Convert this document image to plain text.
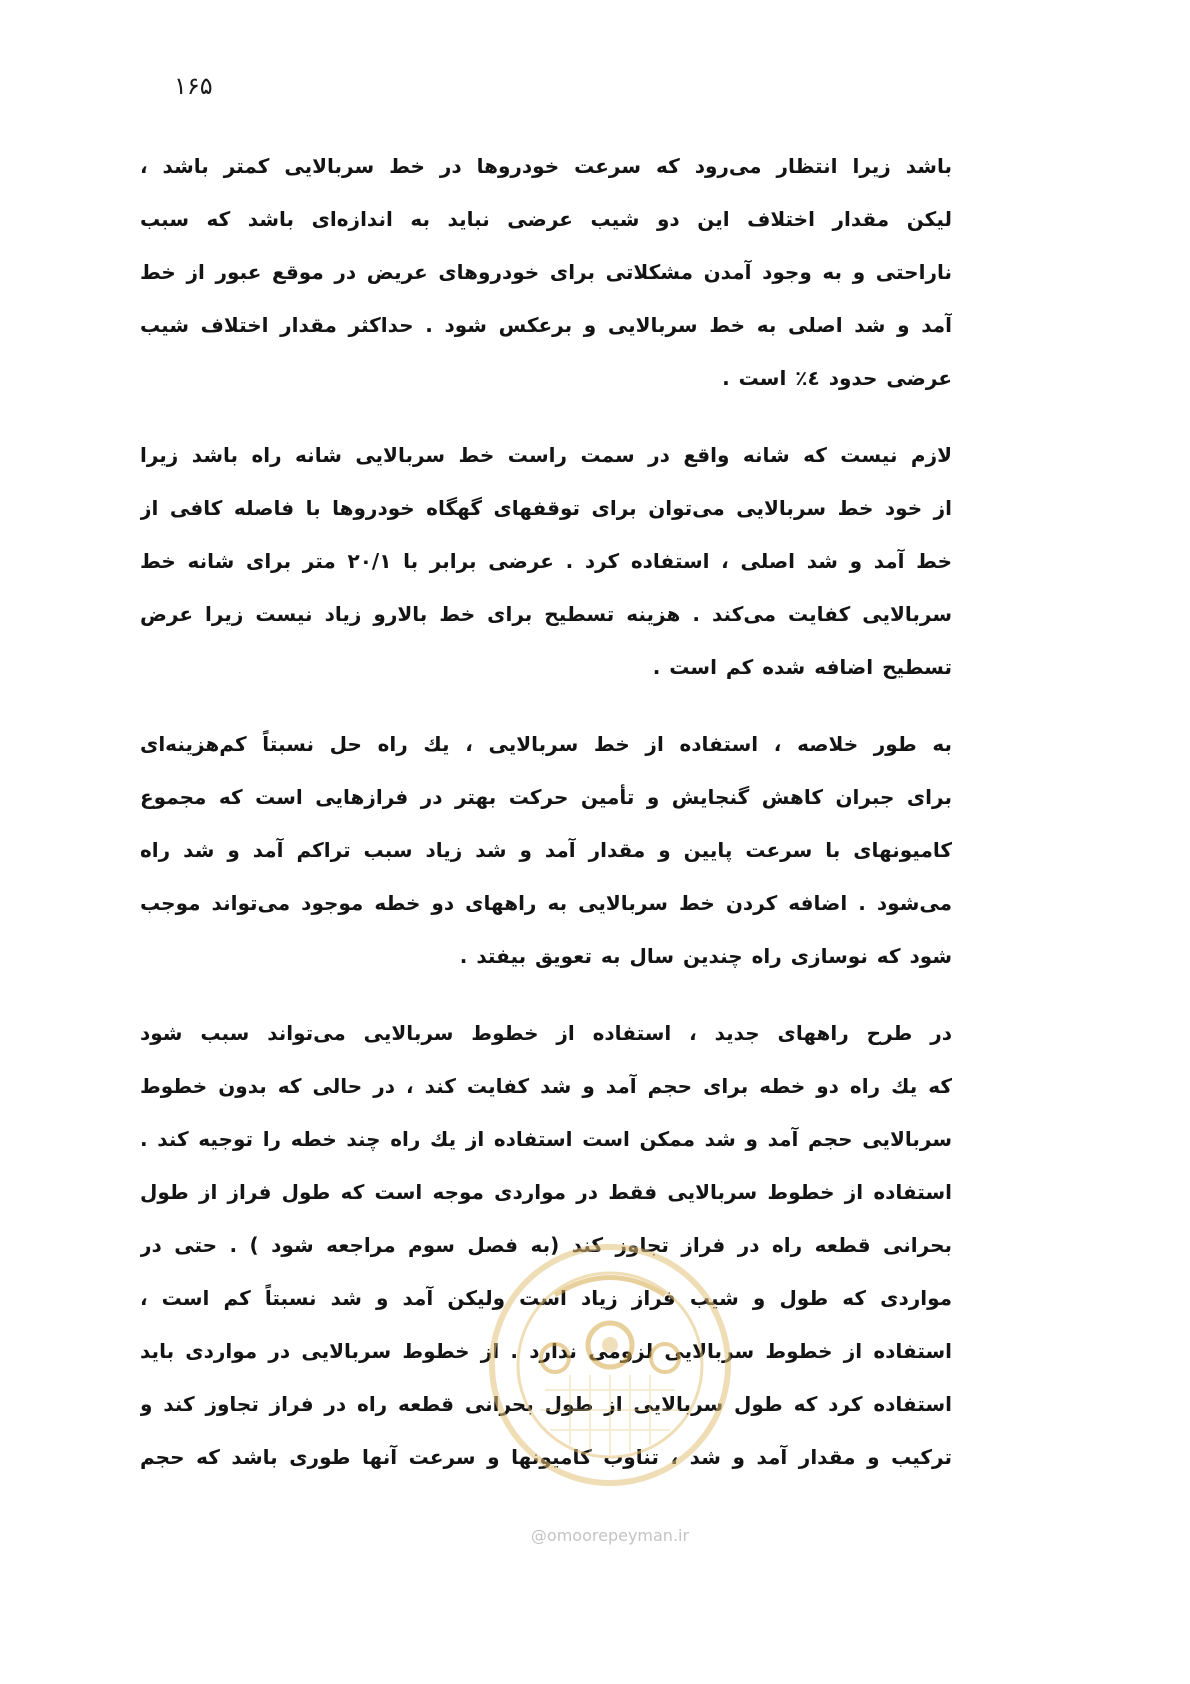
۱۶۵

باشد زیرا انتظار می‌رود که سرعت خودروها در خط سربالایی کمتر باشد ،
لیکن مقدار اختلاف این دو شیب عرضی نباید به اندازه‌ای باشد که سبب
ناراحتی و به وجود آمدن مشکلاتی برای خودروهای عریض در موقع عبور از خط
آمد و شد اصلی به خط سربالایی و برعکس شود . حداکثر مقدار اختلاف شیب
عرضی حدود ٤٪ است .

لازم نیست که شانه واقع در سمت راست خط سربالایی شانه راه باشد زیرا
از خود خط سربالایی می‌توان برای توقفهای گهگاه خودروها با فاصله کافی از
خط آمد و شد اصلی ، استفاده کرد . عرضی برابر با ۲۰/۱ متر برای شانه خط
سربالایی کفایت می‌کند . هزینه تسطیح برای خط بالارو زیاد نیست زیرا عرض
تسطیح اضافه شده کم است .

به طور خلاصه ، استفاده از خط سربالایی ، یك راه حل نسبتاً کم‌هزینه‌ای
برای جبران کاهش گنجایش و تأمین حرکت بهتر در فرازهایی است که مجموع
کامیونهای با سرعت پایین و مقدار آمد و شد زیاد سبب تراکم آمد و شد راه
می‌شود . اضافه کردن خط سربالایی به راههای دو خطه موجود می‌تواند موجب
شود که نوسازی راه چندین سال به تعویق بیفتد .

در طرح راههای جدید ، استفاده از خطوط سربالایی می‌تواند سبب شود
که یك راه دو خطه برای حجم آمد و شد کفایت کند ، در حالی که بدون خطوط
سربالایی حجم آمد و شد ممکن است استفاده از یك راه چند خطه را توجیه کند .
استفاده از خطوط سربالایی فقط در مواردی موجه است که طول فراز از طول
بحرانی قطعه راه در فراز تجاوز کند (به فصل سوم مراجعه شود ) . حتی در
مواردی که طول و شیب فراز زیاد است ولیکن آمد و شد نسبتاً کم است ،
استفاده از خطوط سربالایی لزومی ندارد . از خطوط سربالایی در مواردی باید
استفاده کرد که طول سربالایی از طول بحرانی قطعه راه در فراز تجاوز کند و
ترکیب و مقدار آمد و شد ، تناوب کامیونها و سرعت آنها طوری باشد که حجم

@omoorepeyman.ir
